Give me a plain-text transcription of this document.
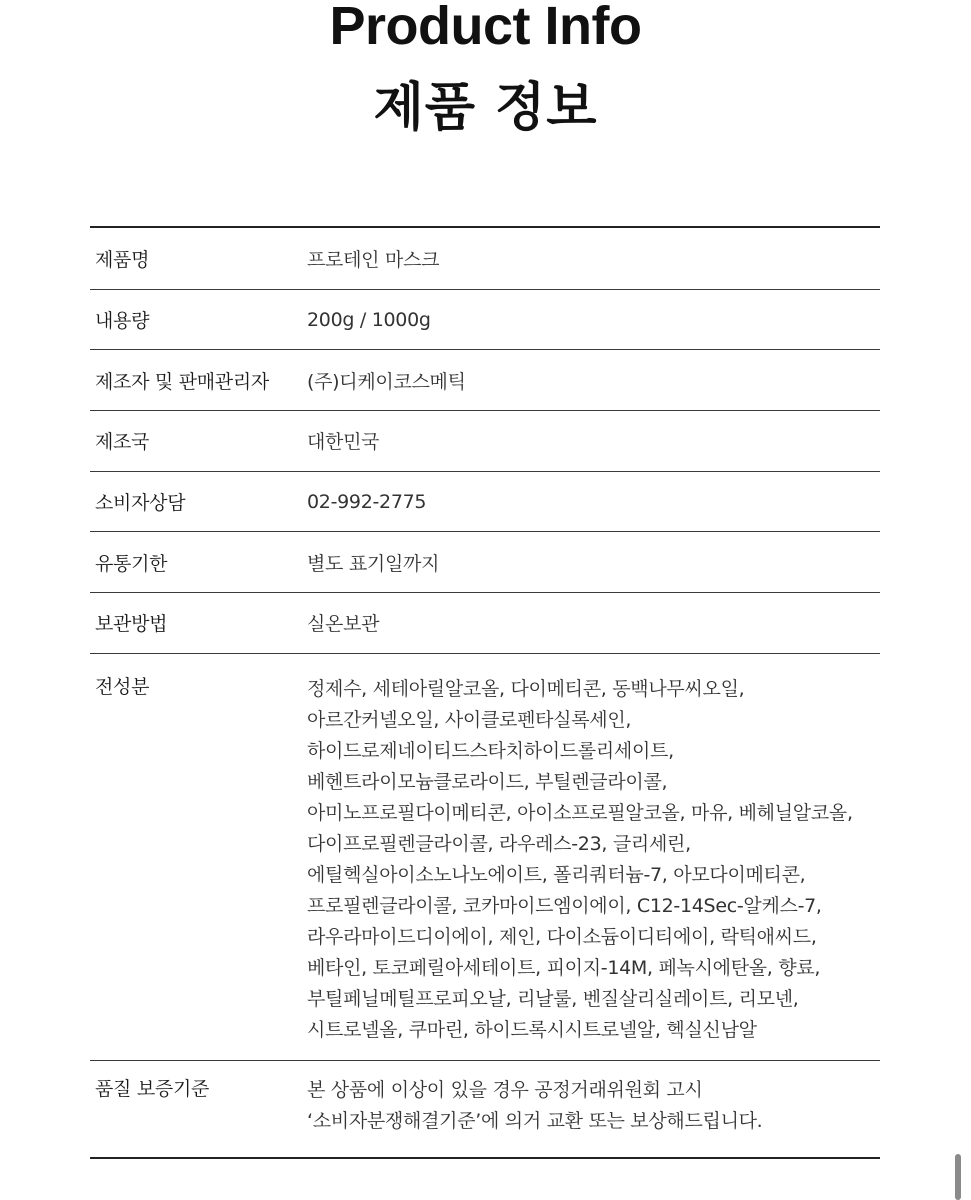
Product Info
제품 정보
제품명	프로테인 마스크
내용량	200g / 1000g
제조자 및 판매관리자	(주)디케이코스메틱
제조국	대한민국
소비자상담	02-992-2775
유통기한	별도 표기일까지
보관방법	실온보관
전성분	정제수, 세테아릴알코올, 다이메티콘, 동백나무씨오일, 아르간커넬오일, 사이클로펜타실록세인, 하이드로제네이티드스타치하이드롤리세이트, 베헨트라이모늄클로라이드, 부틸렌글라이콜, 아미노프로필다이메티콘, 아이소프로필알코올, 마유, 베헤닐알코올, 다이프로필렌글라이콜, 라우레스-23, 글리세린, 에틸헥실아이소노나노에이트, 폴리쿼터늄-7, 아모다이메티콘, 프로필렌글라이콜, 코카마이드엠이에이, C12-14Sec-알케스-7, 라우라마이드디이에이, 제인, 다이소듐이디티에이, 락틱애씨드, 베타인, 토코페릴아세테이트, 피이지-14M, 페녹시에탄올, 향료, 부틸페닐메틸프로피오날, 리날룰, 벤질살리실레이트, 리모넨, 시트로넬올, 쿠마린, 하이드록시시트로넬알, 헥실신남알
품질 보증기준	본 상품에 이상이 있을 경우 공정거래위원회 고시 ‘소비자분쟁해결기준’에 의거 교환 또는 보상해드립니다.
